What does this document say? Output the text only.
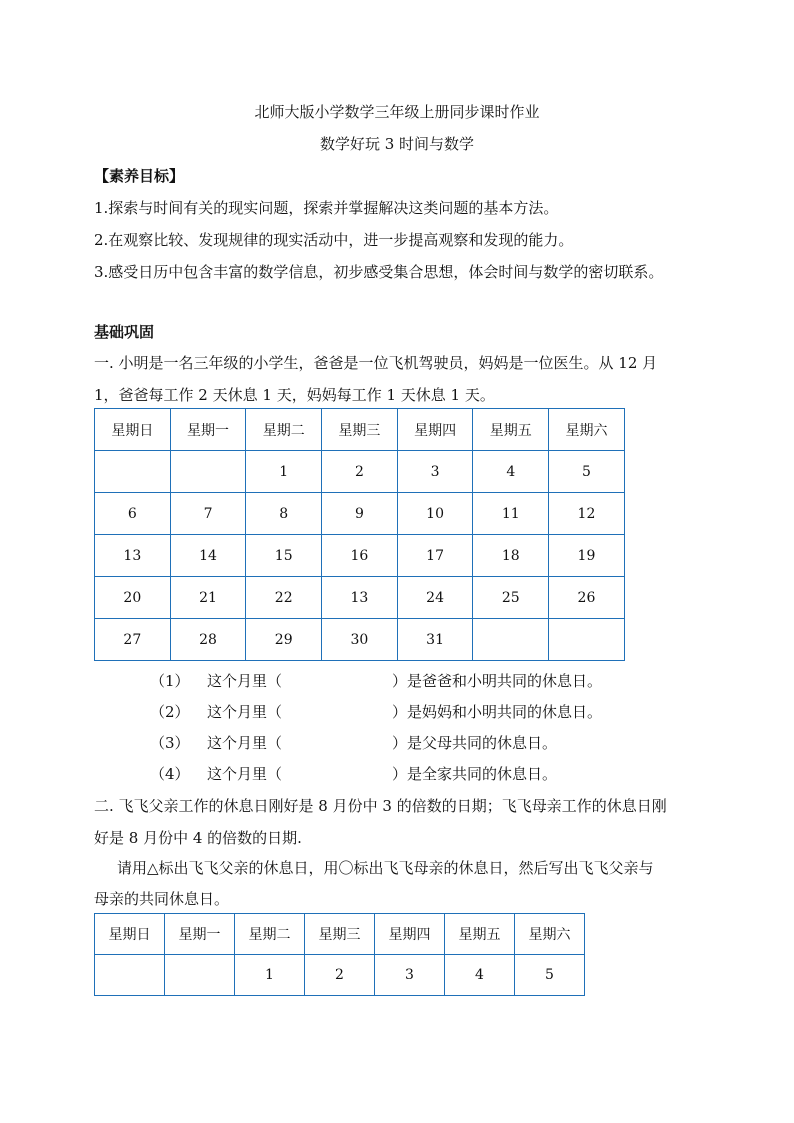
北师大版小学数学三年级上册同步课时作业
数学好玩 3 时间与数学
【素养目标】
1.探索与时间有关的现实问题，探索并掌握解决这类问题的基本方法。
2.在观察比较、发现规律的现实活动中，进一步提高观察和发现的能力。
3.感受日历中包含丰富的数学信息，初步感受集合思想，体会时间与数学的密切联系。
基础巩固
一. 小明是一名三年级的小学生，爸爸是一位飞机驾驶员，妈妈是一位医生。从 12 月
1，爸爸每工作 2 天休息 1 天，妈妈每工作 1 天休息 1 天。
星期日	星期一	星期二	星期三	星期四	星期五	星期六
		1	2	3	4	5
6	7	8	9	10	11	12
13	14	15	16	17	18	19
20	21	22	13	24	25	26
27	28	29	30	31		
（1） 这个月里（	）是爸爸和小明共同的休息日。
（2） 这个月里（	）是妈妈和小明共同的休息日。
（3） 这个月里（	）是父母共同的休息日。
（4） 这个月里（	）是全家共同的休息日。
二. 飞飞父亲工作的休息日刚好是 8 月份中 3 的倍数的日期；飞飞母亲工作的休息日刚
好是 8 月份中 4 的倍数的日期.
请用△标出飞飞父亲的休息日，用〇标出飞飞母亲的休息日，然后写出飞飞父亲与
母亲的共同休息日。
星期日	星期一	星期二	星期三	星期四	星期五	星期六
		1	2	3	4	5
